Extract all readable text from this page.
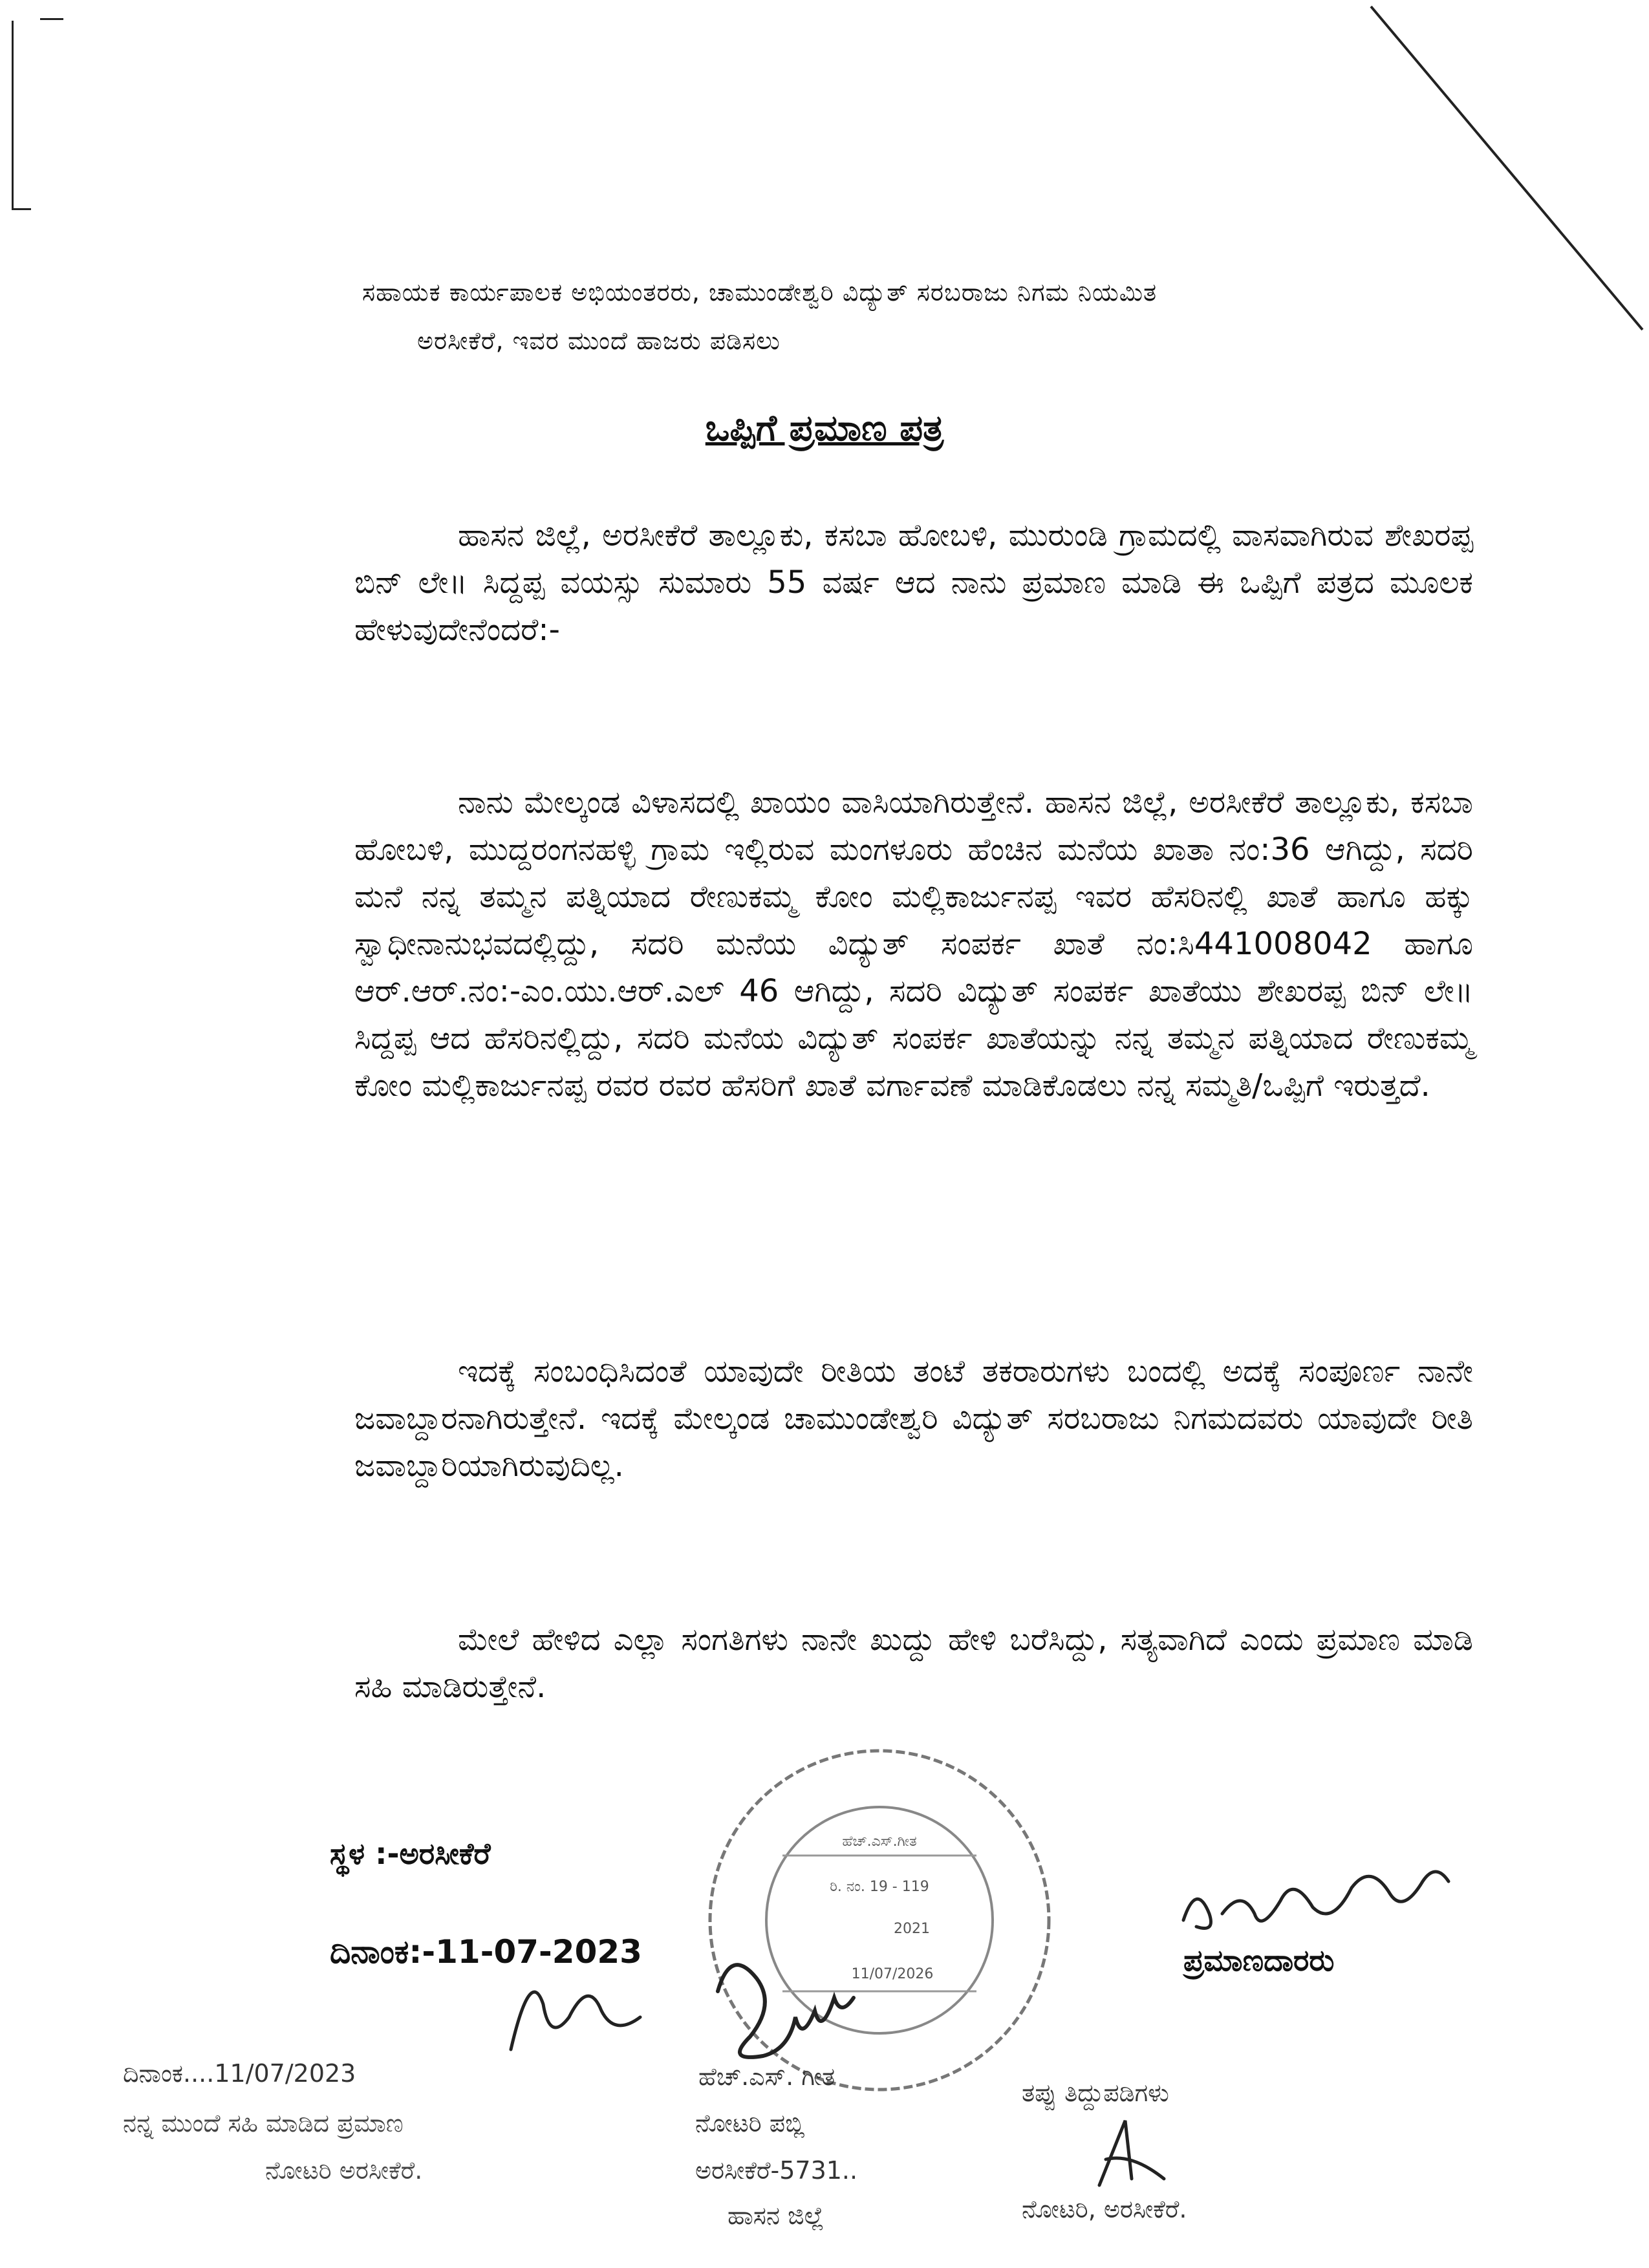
ಸಹಾಯಕ ಕಾರ್ಯಪಾಲಕ ಅಭಿಯಂತರರು, ಚಾಮುಂಡೇಶ್ವರಿ ವಿದ್ಯುತ್ ಸರಬರಾಜು ನಿಗಮ ನಿಯಮಿತ
ಅರಸೀಕೆರೆ, ಇವರ ಮುಂದೆ ಹಾಜರು ಪಡಿಸಲು
ಒಪ್ಪಿಗೆ ಪ್ರಮಾಣ ಪತ್ರ
ಹಾಸನ ಜಿಲ್ಲೆ, ಅರಸೀಕೆರೆ ತಾಲ್ಲೂಕು, ಕಸಬಾ ಹೋಬಳಿ, ಮುರುಂಡಿ ಗ್ರಾಮದಲ್ಲಿ ವಾಸವಾಗಿರುವ ಶೇಖರಪ್ಪ ಬಿನ್ ಲೇ॥ ಸಿದ್ದಪ್ಪ ವಯಸ್ಸು ಸುಮಾರು 55 ವರ್ಷ ಆದ ನಾನು ಪ್ರಮಾಣ ಮಾಡಿ ಈ ಒಪ್ಪಿಗೆ ಪತ್ರದ ಮೂಲಕ ಹೇಳುವುದೇನೆಂದರೆ:-
ನಾನು ಮೇಲ್ಕಂಡ ವಿಳಾಸದಲ್ಲಿ ಖಾಯಂ ವಾಸಿಯಾಗಿರುತ್ತೇನೆ. ಹಾಸನ ಜಿಲ್ಲೆ, ಅರಸೀಕೆರೆ ತಾಲ್ಲೂಕು, ಕಸಬಾ ಹೋಬಳಿ, ಮುದ್ದರಂಗನಹಳ್ಳಿ ಗ್ರಾಮ ಇಲ್ಲಿರುವ ಮಂಗಳೂರು ಹೆಂಚಿನ ಮನೆಯ ಖಾತಾ ನಂ:36 ಆಗಿದ್ದು, ಸದರಿ ಮನೆ ನನ್ನ ತಮ್ಮನ ಪತ್ನಿಯಾದ ರೇಣುಕಮ್ಮ ಕೋಂ ಮಲ್ಲಿಕಾರ್ಜುನಪ್ಪ ಇವರ ಹೆಸರಿನಲ್ಲಿ ಖಾತೆ ಹಾಗೂ ಹಕ್ಕು ಸ್ವಾಧೀನಾನುಭವದಲ್ಲಿದ್ದು, ಸದರಿ ಮನೆಯ ವಿದ್ಯುತ್ ಸಂಪರ್ಕ ಖಾತೆ ನಂ:ಸಿ441008042 ಹಾಗೂ ಆರ್.ಆರ್.ನಂ:-ಎಂ.ಯು.ಆರ್.ಎಲ್ 46 ಆಗಿದ್ದು, ಸದರಿ ವಿದ್ಯುತ್ ಸಂಪರ್ಕ ಖಾತೆಯು ಶೇಖರಪ್ಪ ಬಿನ್ ಲೇ॥ ಸಿದ್ದಪ್ಪ ಆದ ಹೆಸರಿನಲ್ಲಿದ್ದು, ಸದರಿ ಮನೆಯ ವಿದ್ಯುತ್ ಸಂಪರ್ಕ ಖಾತೆಯನ್ನು ನನ್ನ ತಮ್ಮನ ಪತ್ನಿಯಾದ ರೇಣುಕಮ್ಮ ಕೋಂ ಮಲ್ಲಿಕಾರ್ಜುನಪ್ಪ ರವರ ರವರ ಹೆಸರಿಗೆ ಖಾತೆ ವರ್ಗಾವಣೆ ಮಾಡಿಕೊಡಲು ನನ್ನ ಸಮ್ಮತಿ/ಒಪ್ಪಿಗೆ ಇರುತ್ತದೆ.
ಇದಕ್ಕೆ ಸಂಬಂಧಿಸಿದಂತೆ ಯಾವುದೇ ರೀತಿಯ ತಂಟೆ ತಕರಾರುಗಳು ಬಂದಲ್ಲಿ ಅದಕ್ಕೆ ಸಂಪೂರ್ಣ ನಾನೇ ಜವಾಬ್ದಾರನಾಗಿರುತ್ತೇನೆ. ಇದಕ್ಕೆ ಮೇಲ್ಕಂಡ ಚಾಮುಂಡೇಶ್ವರಿ ವಿದ್ಯುತ್ ಸರಬರಾಜು ನಿಗಮದವರು ಯಾವುದೇ ರೀತಿ ಜವಾಬ್ದಾರಿಯಾಗಿರುವುದಿಲ್ಲ.
ಮೇಲೆ ಹೇಳಿದ ಎಲ್ಲಾ ಸಂಗತಿಗಳು ನಾನೇ ಖುದ್ದು ಹೇಳಿ ಬರೆಸಿದ್ದು, ಸತ್ಯವಾಗಿದೆ ಎಂದು ಪ್ರಮಾಣ ಮಾಡಿ ಸಹಿ ಮಾಡಿರುತ್ತೇನೆ.
ಸ್ಥಳ :-ಅರಸೀಕೆರೆ
ದಿನಾಂಕ:-11-07-2023
ಹೆಚ್.ಎಸ್.ಗೀತ
ರಿ. ನಂ. 19 - 119
2021
11/07/2026	ಪ್ರಮಾಣದಾರರು
ದಿನಾಂಕ....11/07/2023
ನನ್ನ ಮುಂದೆ ಸಹಿ ಮಾಡಿದ ಪ್ರಮಾಣ
ನೋಟರಿ ಅರಸೀಕೆರೆ.
ಹೆಚ್.ಎಸ್. ಗೀತ
ನೋಟರಿ ಪಬ್ಲಿ
ಅರಸೀಕೆರೆ-5731..
ಹಾಸನ ಜಿಲ್ಲೆ
ತಪ್ಪು ತಿದ್ದುಪಡಿಗಳು
ನೋಟರಿ, ಅರಸೀಕೆರೆ.
